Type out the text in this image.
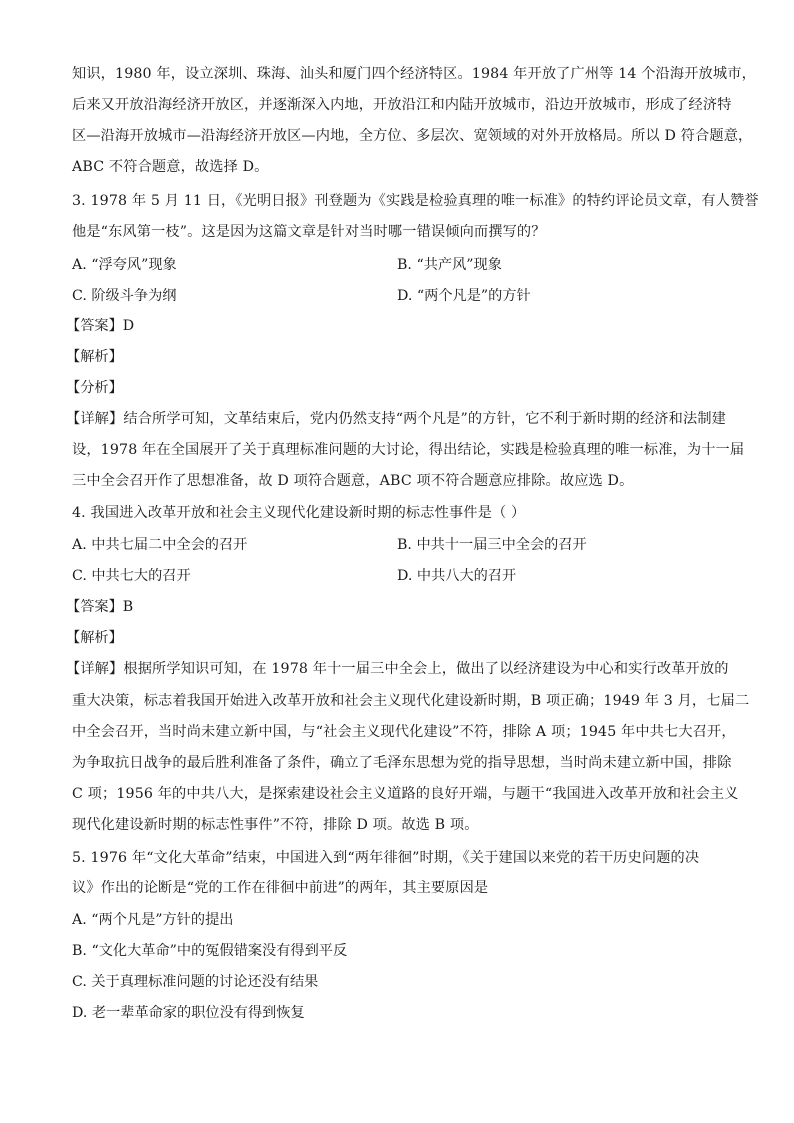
知识，1980 年，设立深圳、珠海、汕头和厦门四个经济特区。1984 年开放了广州等 14 个沿海开放城市，
后来又开放沿海经济开放区，并逐渐深入内地，开放沿江和内陆开放城市，沿边开放城市，形成了经济特
区—沿海开放城市—沿海经济开放区—内地，全方位、多层次、宽领域的对外开放格局。所以 D 符合题意，
ABC 不符合题意，故选择 D。
3. 1978 年 5 月 11 日，《光明日报》刊登题为《实践是检验真理的唯一标准》的特约评论员文章，有人赞誉
他是“东风第一枝”。这是因为这篇文章是针对当时哪一错误倾向而撰写的？
A. “浮夸风”现象	B. “共产风”现象
C. 阶级斗争为纲	D. “两个凡是”的方针
【答案】D
【解析】
【分析】
【详解】结合所学可知，文革结束后，党内仍然支持“两个凡是”的方针，它不利于新时期的经济和法制建
设，1978 年在全国展开了关于真理标准问题的大讨论，得出结论，实践是检验真理的唯一标准，为十一届
三中全会召开作了思想准备，故 D 项符合题意，ABC 项不符合题意应排除。故应选 D。
4. 我国进入改革开放和社会主义现代化建设新时期的标志性事件是（ ）
A. 中共七届二中全会的召开	B. 中共十一届三中全会的召开
C. 中共七大的召开	D. 中共八大的召开
【答案】B
【解析】
【详解】根据所学知识可知，在 1978 年十一届三中全会上，做出了以经济建设为中心和实行改革开放的
重大决策，标志着我国开始进入改革开放和社会主义现代化建设新时期，B 项正确；1949 年 3 月，七届二
中全会召开，当时尚未建立新中国，与“社会主义现代化建设”不符，排除 A 项；1945 年中共七大召开，
为争取抗日战争的最后胜利准备了条件，确立了毛泽东思想为党的指导思想，当时尚未建立新中国，排除
C 项；1956 年的中共八大，是探索建设社会主义道路的良好开端，与题干“我国进入改革开放和社会主义
现代化建设新时期的标志性事件”不符，排除 D 项。故选 B 项。
5. 1976 年“文化大革命”结束，中国进入到“两年徘徊”时期，《关于建国以来党的若干历史问题的决
议》作出的论断是“党的工作在徘徊中前进”的两年，其主要原因是
A. “两个凡是”方针的提出
B. “文化大革命”中的冤假错案没有得到平反
C. 关于真理标准问题的讨论还没有结果
D. 老一辈革命家的职位没有得到恢复
